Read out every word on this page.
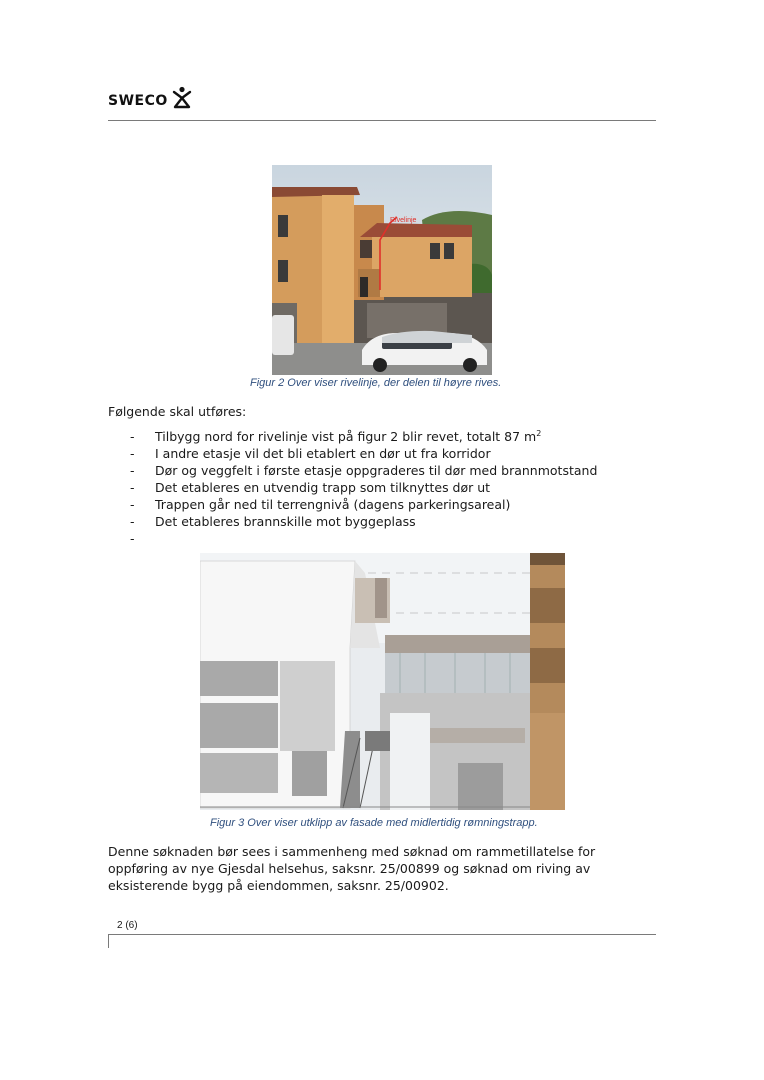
SWECO
Rivelinje
Figur 2 Over viser rivelinje, der delen til høyre rives.
Følgende skal utføres:
-	Tilbygg nord for rivelinje vist på figur 2 blir revet, totalt 87 $m^2$
-	I andre etasje vil det bli etablert en dør ut fra korridor
-	Dør og veggfelt i første etasje oppgraderes til dør med brannmotstand
-	Det etableres en utvendig trapp som tilknyttes dør ut
-	Trappen går ned til terrengnivå (dagens parkeringsareal)
-	Det etableres brannskille mot byggeplass
-
Figur 3 Over viser utklipp av fasade med midlertidig rømningstrapp.
Denne søknaden bør sees i sammenheng med søknad om rammetillatelse for oppføring av nye Gjesdal helsehus, saksnr. 25/00899 og søknad om riving av eksisterende bygg på eiendommen, saksnr. 25/00902.
2 (6)
